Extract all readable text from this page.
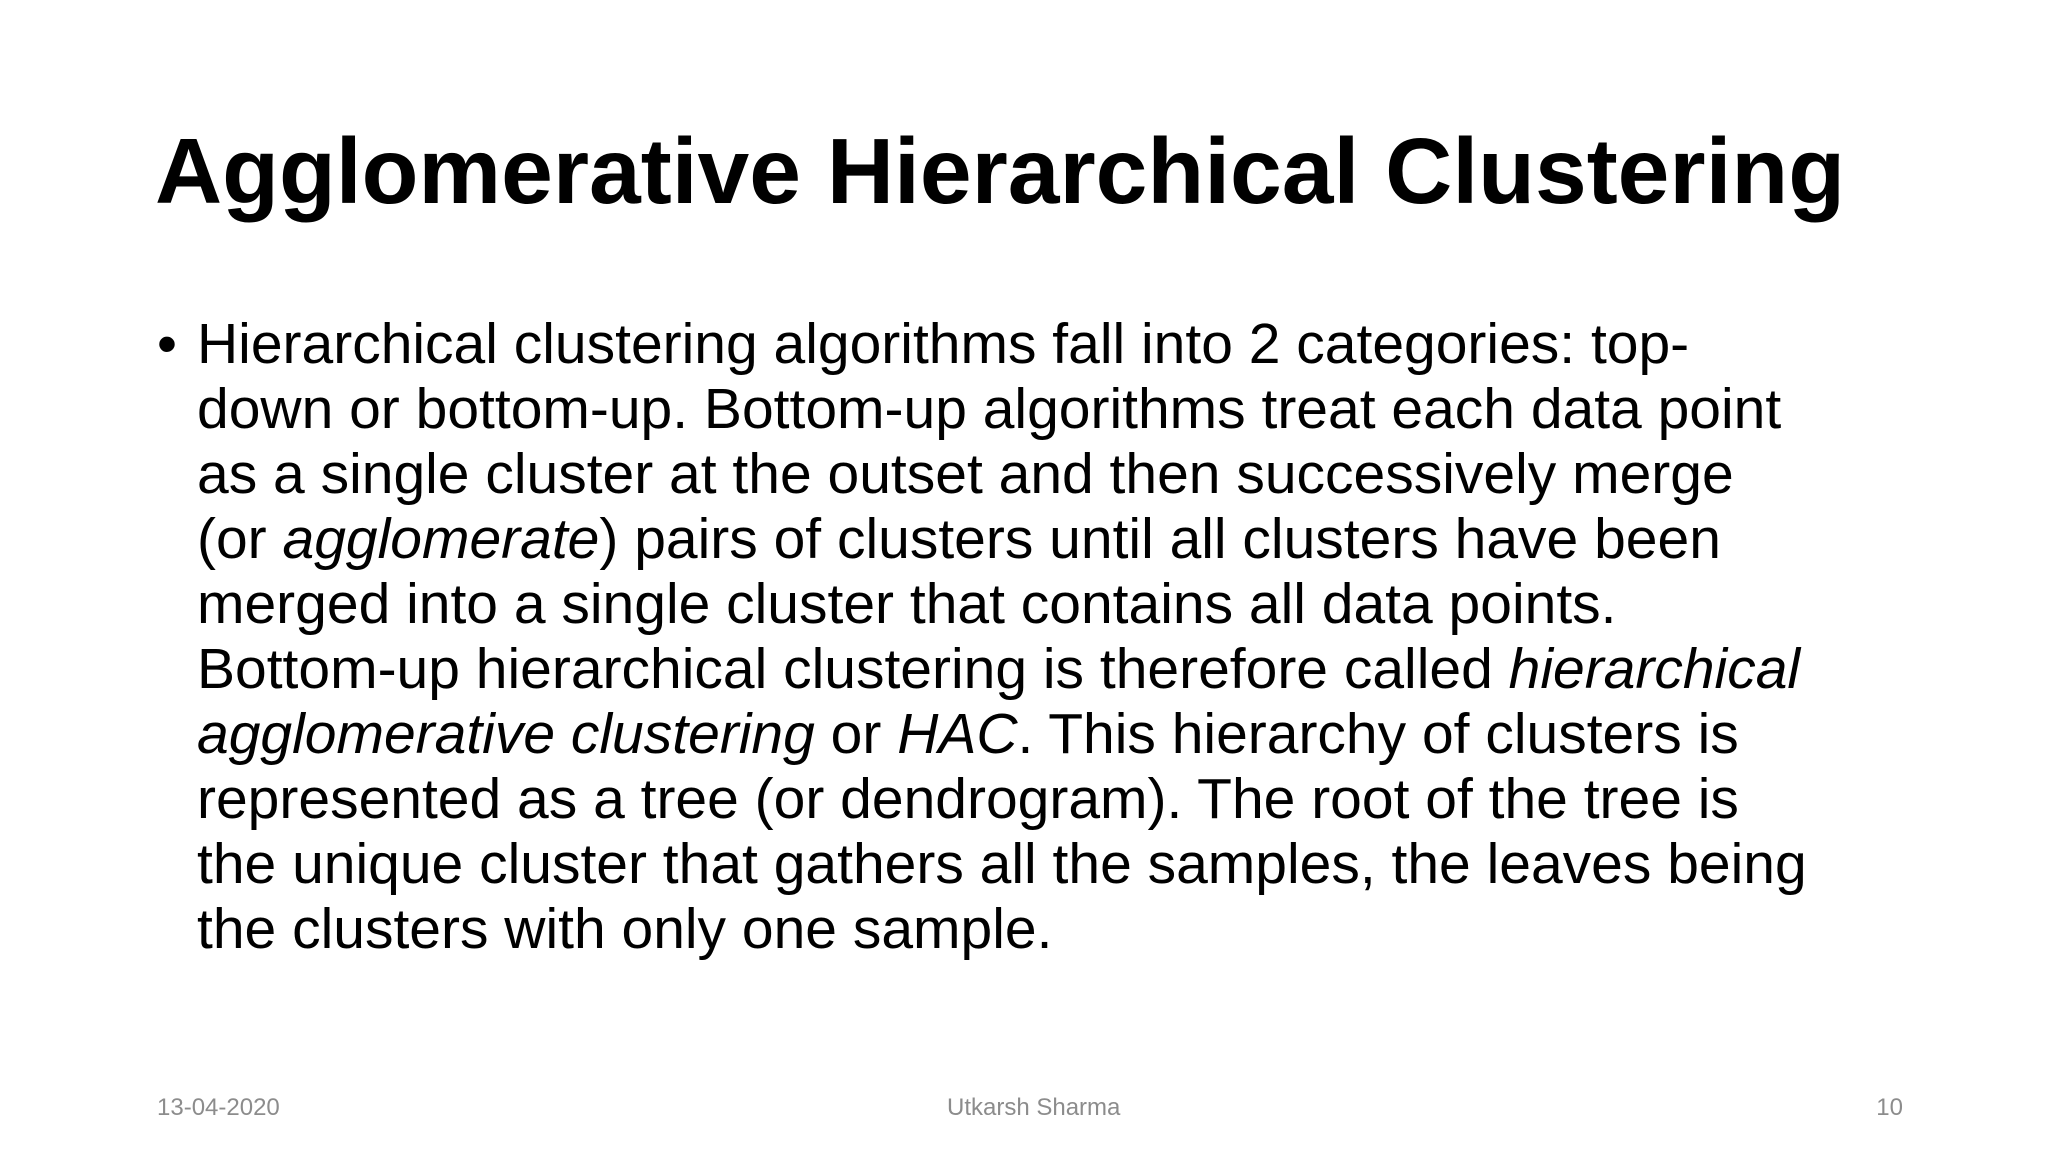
Agglomerative Hierarchical Clustering
• Hierarchical clustering algorithms fall into 2 categories: top-
down or bottom-up. Bottom-up algorithms treat each data point
as a single cluster at the outset and then successively merge
(or agglomerate) pairs of clusters until all clusters have been
merged into a single cluster that contains all data points.
Bottom-up hierarchical clustering is therefore called hierarchical
agglomerative clustering or HAC. This hierarchy of clusters is
represented as a tree (or dendrogram). The root of the tree is
the unique cluster that gathers all the samples, the leaves being
the clusters with only one sample.
13-04-2020	Utkarsh Sharma	10
